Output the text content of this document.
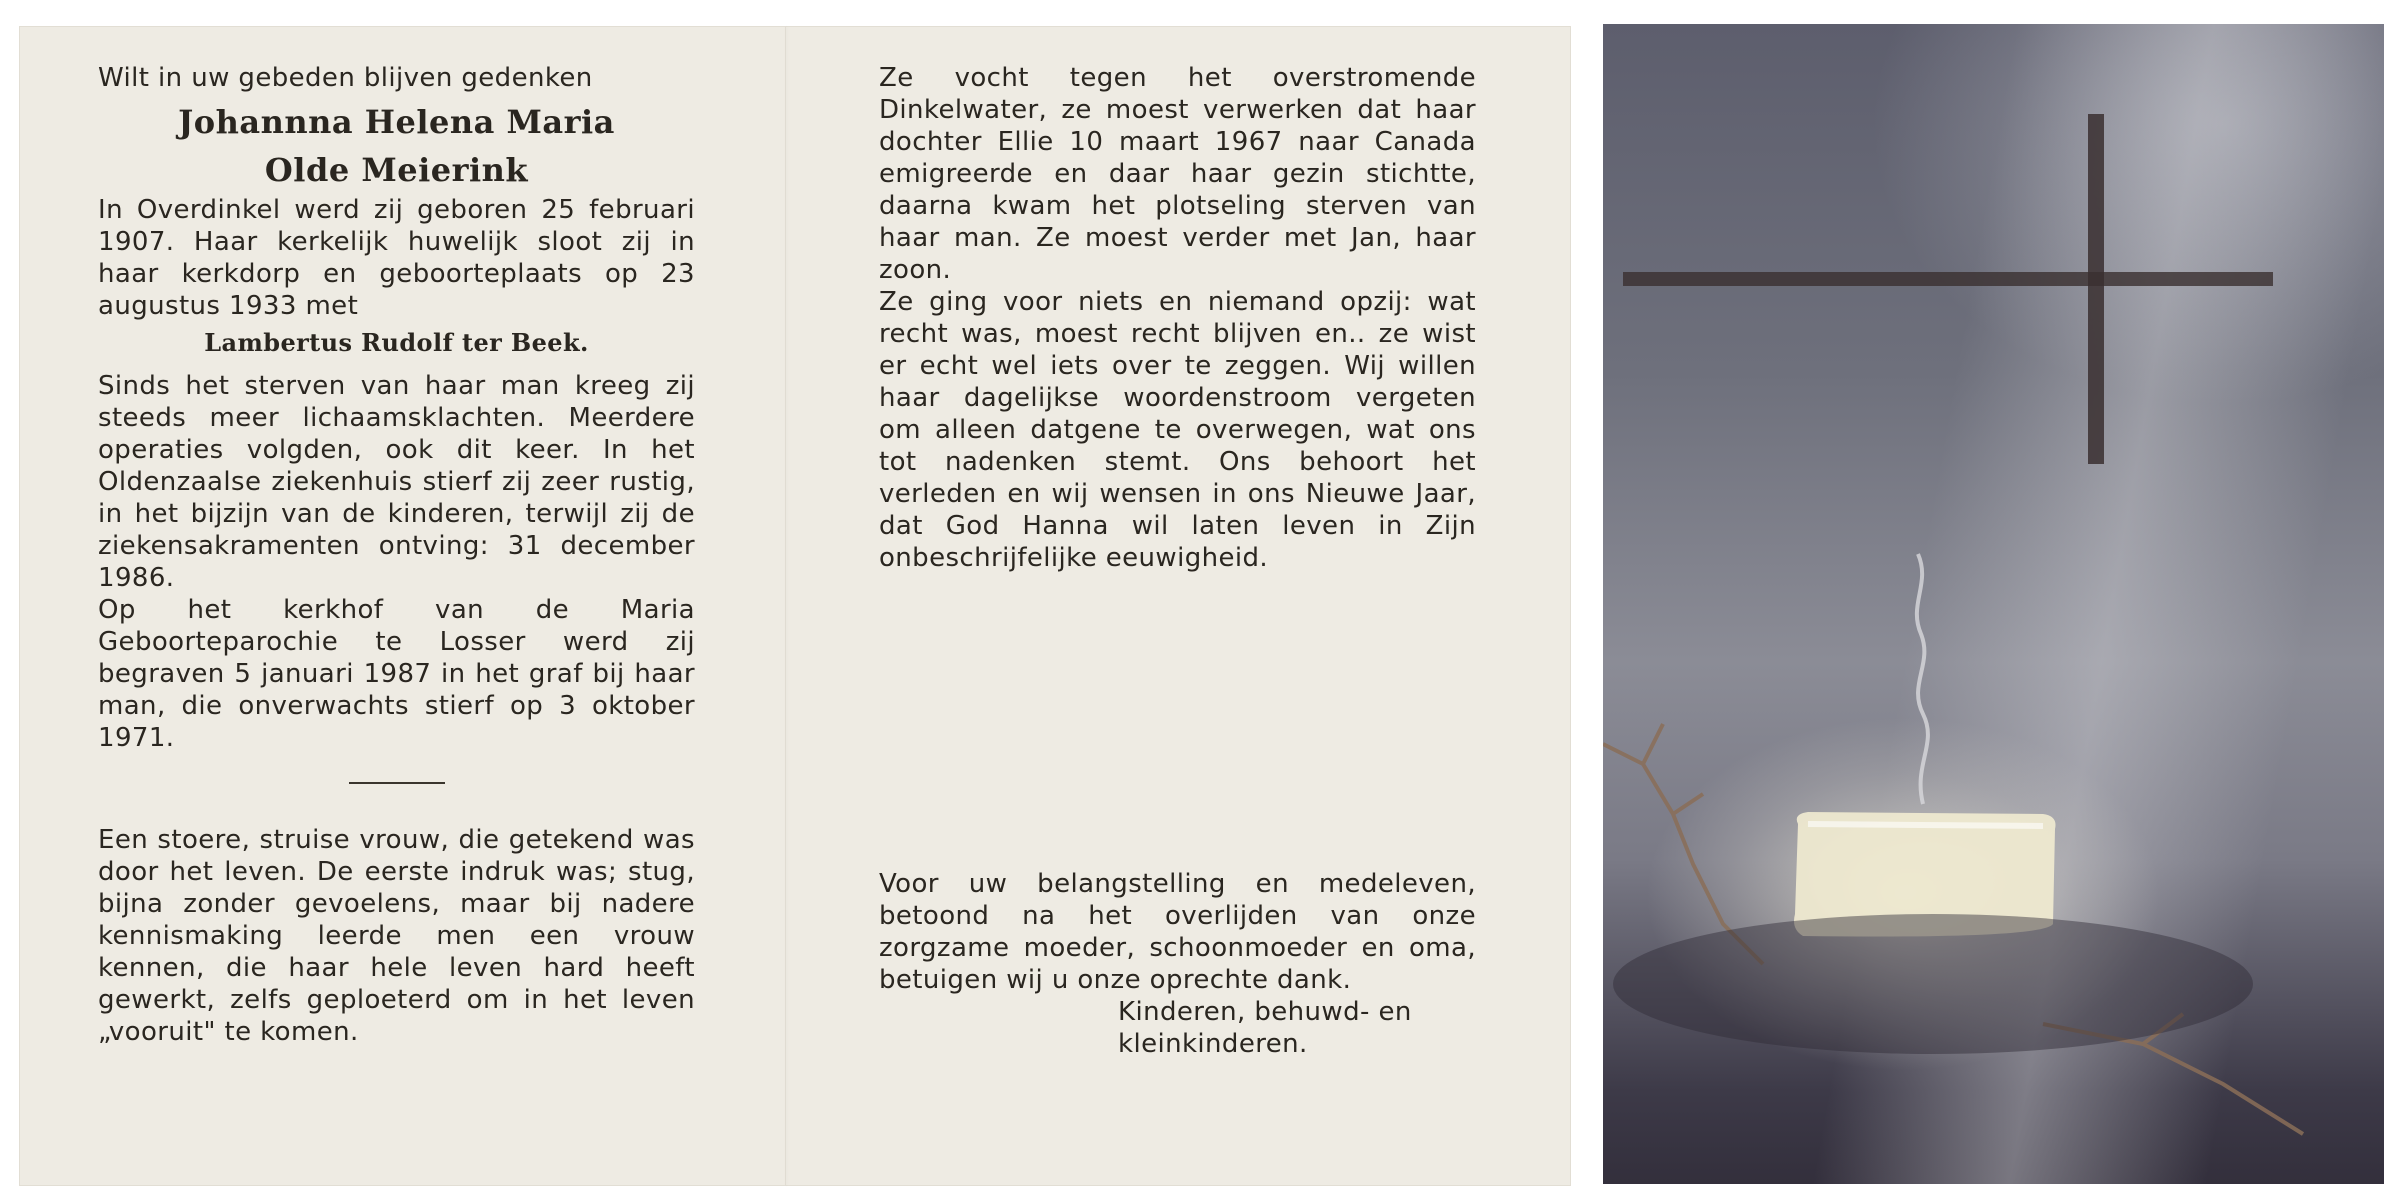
Wilt in uw gebeden blijven gedenken

Johannna Helena Maria
Olde Meierink

In Overdinkel werd zij geboren 25 februari 1907. Haar kerkelijk huwelijk sloot zij in haar kerkdorp en geboorteplaats op 23 augustus 1933 met

Lambertus Rudolf ter Beek.

Sinds het sterven van haar man kreeg zij steeds meer lichaamsklachten. Meerdere operaties volgden, ook dit keer. In het Oldenzaalse ziekenhuis stierf zij zeer rustig, in het bijzijn van de kinderen, terwijl zij de ziekensakramenten ontving: 31 december 1986.

Op het kerkhof van de Maria Geboorteparochie te Losser werd zij begraven 5 januari 1987 in het graf bij haar man, die onverwachts stierf op 3 oktober 1971.

Een stoere, struise vrouw, die getekend was door het leven. De eerste indruk was; stug, bijna zonder gevoelens, maar bij nadere kennismaking leerde men een vrouw kennen, die haar hele leven hard heeft gewerkt, zelfs geploeterd om in het leven „vooruit" te komen.

Ze vocht tegen het overstromende Dinkelwater, ze moest verwerken dat haar dochter Ellie 10 maart 1967 naar Canada emigreerde en daar haar gezin stichtte, daarna kwam het plotseling sterven van haar man. Ze moest verder met Jan, haar zoon.

Ze ging voor niets en niemand opzij: wat recht was, moest recht blijven en.. ze wist er echt wel iets over te zeggen. Wij willen haar dagelijkse woordenstroom vergeten om alleen datgene te overwegen, wat ons tot nadenken stemt. Ons behoort het verleden en wij wensen in ons Nieuwe Jaar, dat God Hanna wil laten leven in Zijn onbeschrijfelijke eeuwigheid.

Voor uw belangstelling en medeleven, betoond na het overlijden van onze zorgzame moeder, schoonmoeder en oma, betuigen wij u onze oprechte dank.

Kinderen, behuwd- en

kleinkinderen.
